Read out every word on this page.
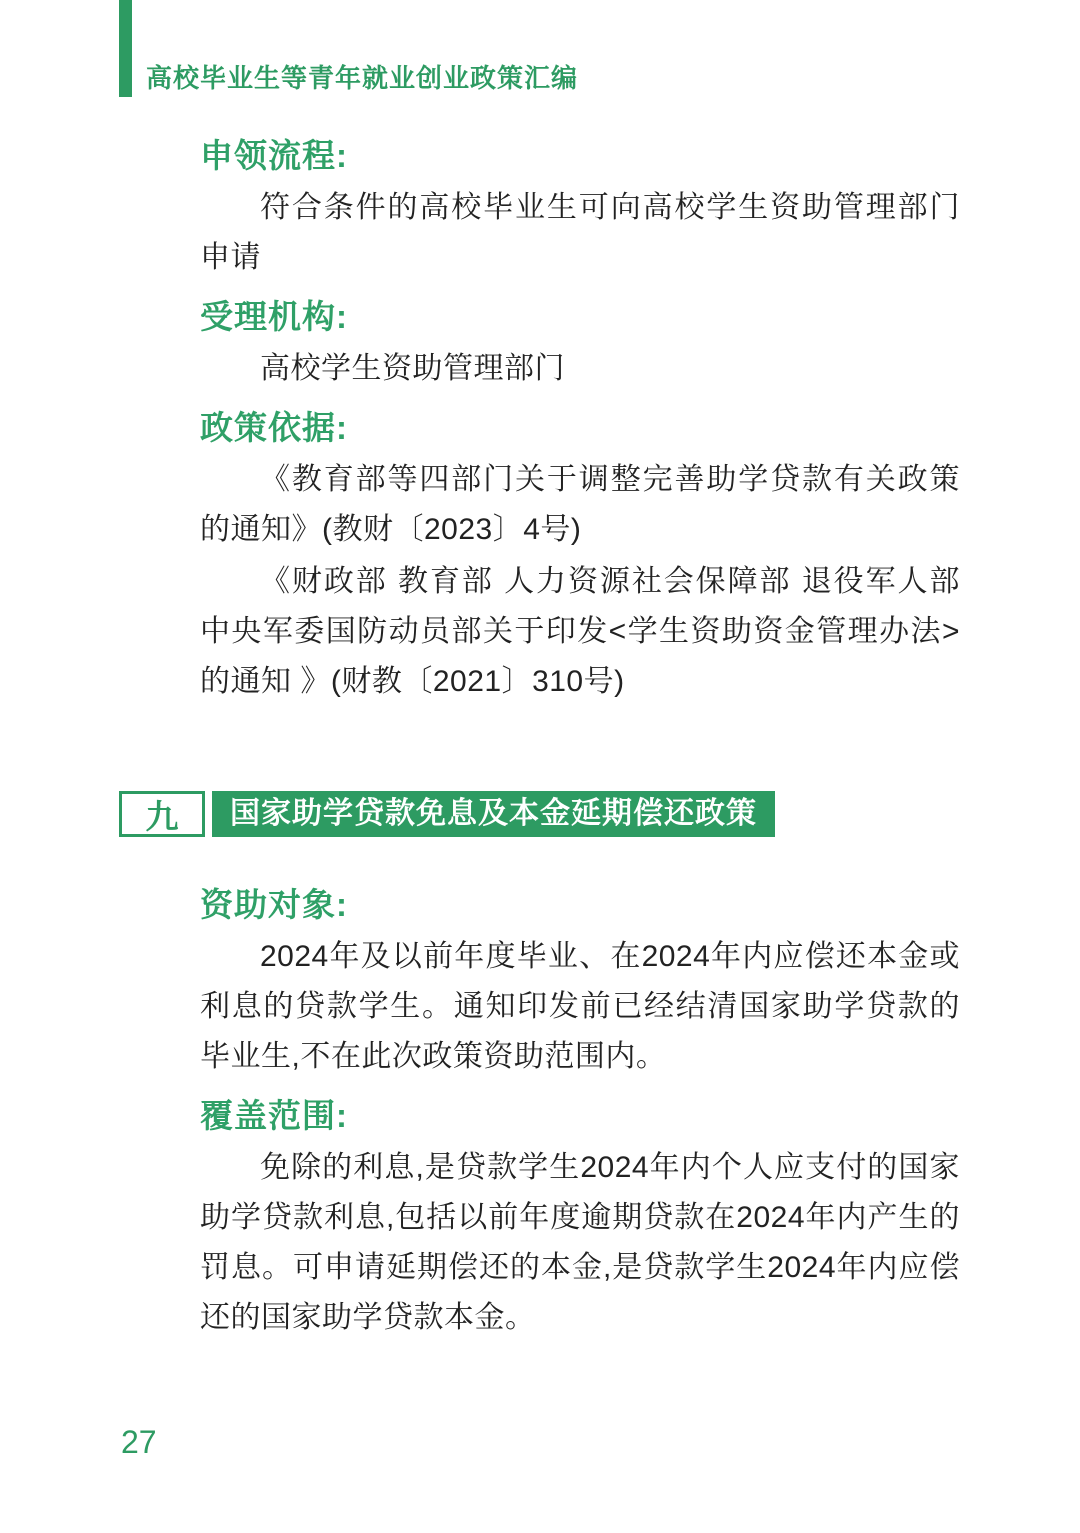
高校毕业生等青年就业创业政策汇编
申领流程:

符合条件的高校毕业生可向高校学生资助管理部门申请

受理机构:

高校学生资助管理部门

政策依据:

《教育部等四部门关于调整完善助学贷款有关政策的通知》(教财〔2023〕4号)

《财政部 教育部 人力资源社会保障部 退役军人部 中央军委国防动员部关于印发<学生资助资金管理办法>的通知 》(财教〔2021〕310号)

九	国家助学贷款免息及本金延期偿还政策
资助对象:

2024年及以前年度毕业、在2024年内应偿还本金或利息的贷款学生。通知印发前已经结清国家助学贷款的毕业生,不在此次政策资助范围内。

覆盖范围:

免除的利息,是贷款学生2024年内个人应支付的国家助学贷款利息,包括以前年度逾期贷款在2024年内产生的罚息。可申请延期偿还的本金,是贷款学生2024年内应偿还的国家助学贷款本金。

27
